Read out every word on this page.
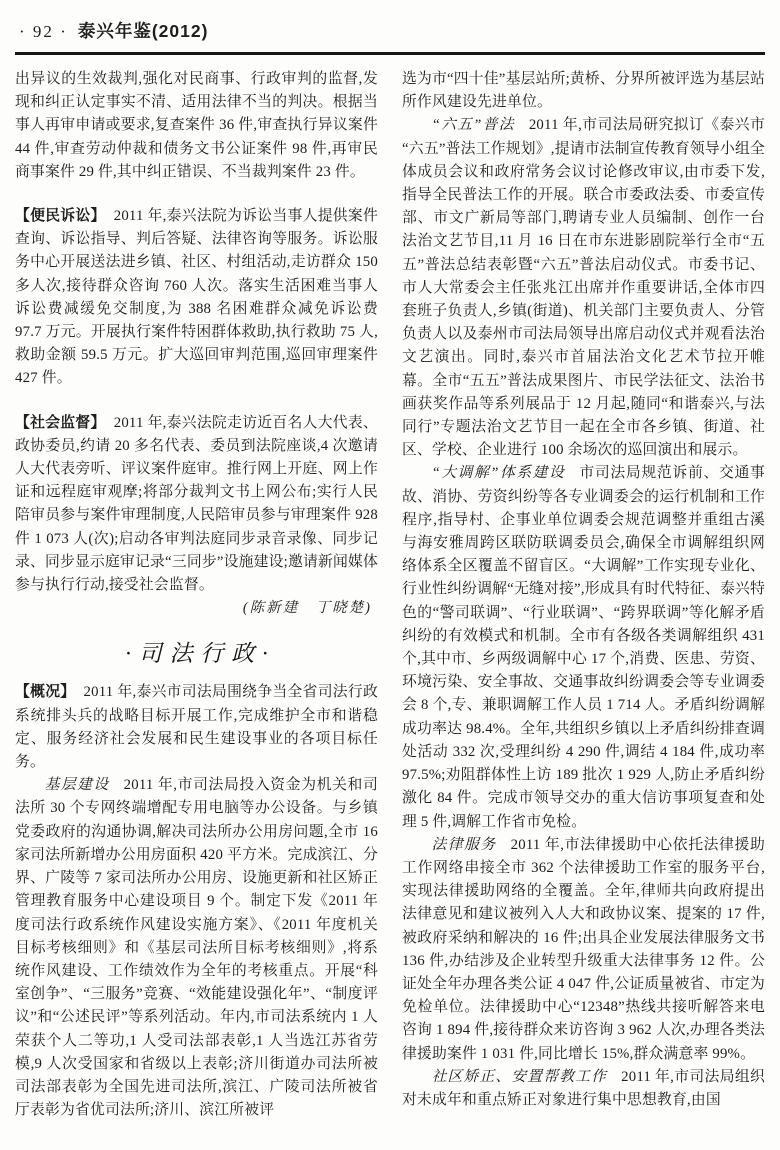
· 92 · 泰兴年鉴(2012)

出异议的生效裁判,强化对民商事、行政审判的监督,发现和纠正认定事实不清、适用法律不当的判决。根据当事人再审申请或要求,复查案件 36 件,审查执行异议案件 44 件,审查劳动仲裁和债务文书公证案件 98 件,再审民商事案件 29 件,其中纠正错误、不当裁判案件 23 件。

【便民诉讼】 2011 年,泰兴法院为诉讼当事人提供案件查询、诉讼指导、判后答疑、法律咨询等服务。诉讼服务中心开展送法进乡镇、社区、村组活动,走访群众 150 多人次,接待群众咨询 760 人次。落实生活困难当事人诉讼费减缓免交制度,为 388 名困难群众减免诉讼费 97.7 万元。开展执行案件特困群体救助,执行救助 75 人,救助金额 59.5 万元。扩大巡回审判范围,巡回审理案件 427 件。

【社会监督】 2011 年,泰兴法院走访近百名人大代表、政协委员,约请 20 多名代表、委员到法院座谈,4 次邀请人大代表旁听、评议案件庭审。推行网上开庭、网上作证和远程庭审观摩;将部分裁判文书上网公布;实行人民陪审员参与案件审理制度,人民陪审员参与审理案件 928 件 1 073 人(次);启动各审判法庭同步录音录像、同步记录、同步显示庭审记录“三同步”设施建设;邀请新闻媒体参与执行行动,接受社会监督。

(陈新建　丁晓楚)

·司法行政·

【概况】 2011 年,泰兴市司法局围绕争当全省司法行政系统排头兵的战略目标开展工作,完成维护全市和谐稳定、服务经济社会发展和民生建设事业的各项目标任务。

基层建设 2011 年,市司法局投入资金为机关和司法所 30 个专网终端增配专用电脑等办公设备。与乡镇党委政府的沟通协调,解决司法所办公用房问题,全市 16 家司法所新增办公用房面积 420 平方米。完成滨江、分界、广陵等 7 家司法所办公用房、设施更新和社区矫正管理教育服务中心建设项目 9 个。制定下发《2011 年度司法行政系统作风建设实施方案》、《2011 年度机关目标考核细则》和《基层司法所目标考核细则》,将系统作风建设、工作绩效作为全年的考核重点。开展“科室创争”、“三服务”竞赛、“效能建设强化年”、“制度评议”和“公述民评”等系列活动。年内,市司法系统内 1 人荣获个人二等功,1 人受司法部表彰,1 人当选江苏省劳模,9 人次受国家和省级以上表彰;济川街道办司法所被司法部表彰为全国先进司法所,滨江、广陵司法所被省厅表彰为省优司法所;济川、滨江所被评

选为市“四十佳”基层站所;黄桥、分界所被评选为基层站所作风建设先进单位。

“六五”普法 2011 年,市司法局研究拟订《泰兴市“六五”普法工作规划》,提请市法制宣传教育领导小组全体成员会议和政府常务会议讨论修改审议,由市委下发,指导全民普法工作的开展。联合市委政法委、市委宣传部、市文广新局等部门,聘请专业人员编制、创作一台法治文艺节目,11 月 16 日在市东进影剧院举行全市“五五”普法总结表彰暨“六五”普法启动仪式。市委书记、市人大常委会主任张兆江出席并作重要讲话,全体市四套班子负责人,乡镇(街道)、机关部门主要负责人、分管负责人以及泰州市司法局领导出席启动仪式并观看法治文艺演出。同时,泰兴市首届法治文化艺术节拉开帷幕。全市“五五”普法成果图片、市民学法征文、法治书画获奖作品等系列展品于 12 月起,随同“和谐泰兴,与法同行”专题法治文艺节目一起在全市各乡镇、街道、社区、学校、企业进行 100 余场次的巡回演出和展示。

“大调解”体系建设 市司法局规范诉前、交通事故、消协、劳资纠纷等各专业调委会的运行机制和工作程序,指导村、企事业单位调委会规范调整并重组古溪与海安雅周跨区联防联调委员会,确保全市调解组织网络体系全区覆盖不留盲区。“大调解”工作实现专业化、行业性纠纷调解“无缝对接”,形成具有时代特征、泰兴特色的“警司联调”、“行业联调”、“跨界联调”等化解矛盾纠纷的有效模式和机制。全市有各级各类调解组织 431 个,其中市、乡两级调解中心 17 个,消费、医患、劳资、环境污染、安全事故、交通事故纠纷调委会等专业调委会 8 个,专、兼职调解工作人员 1 714 人。矛盾纠纷调解成功率达 98.4%。全年,共组织乡镇以上矛盾纠纷排查调处活动 332 次,受理纠纷 4 290 件,调结 4 184 件,成功率 97.5%;劝阻群体性上访 189 批次 1 929 人,防止矛盾纠纷激化 84 件。完成市领导交办的重大信访事项复查和处理 5 件,调解工作省市免检。

法律服务 2011 年,市法律援助中心依托法律援助工作网络串接全市 362 个法律援助工作室的服务平台,实现法律援助网络的全覆盖。全年,律师共向政府提出法律意见和建议被列入人大和政协议案、提案的 17 件,被政府采纳和解决的 16 件;出具企业发展法律服务文书 136 件,办结涉及企业转型升级重大法律事务 12 件。公证处全年办理各类公证 4 047 件,公证质量被省、市定为免检单位。法律援助中心“12348”热线共接听解答来电咨询 1 894 件,接待群众来访咨询 3 962 人次,办理各类法律援助案件 1 031 件,同比增长 15%,群众满意率 99%。

社区矫正、安置帮教工作 2011 年,市司法局组织对未成年和重点矫正对象进行集中思想教育,由国
